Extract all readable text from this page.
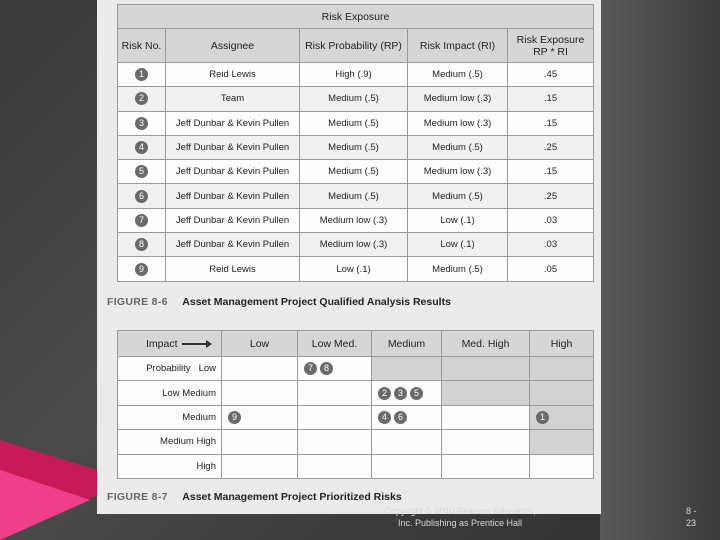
Risk Exposure				
Risk No.	Assignee	Risk Probability (RP)	Risk Impact (RI)	Risk Exposure RP * RI
1	Reid Lewis	High (.9)	Medium (.5)	.45
2	Team	Medium (.5)	Medium low (.3)	.15
3	Jeff Dunbar & Kevin Pullen	Medium (.5)	Medium low (.3)	.15
4	Jeff Dunbar & Kevin Pullen	Medium (.5)	Medium (.5)	.25
5	Jeff Dunbar & Kevin Pullen	Medium (.5)	Medium low (.3)	.15
6	Jeff Dunbar & Kevin Pullen	Medium (.5)	Medium (.5)	.25
7	Jeff Dunbar & Kevin Pullen	Medium low (.3)	Low (.1)	.03
8	Jeff Dunbar & Kevin Pullen	Medium low (.3)	Low (.1)	.03
9	Reid Lewis	Low (.1)	Medium (.5)	.05
FIGURE 8-6 Asset Management Project Qualified Analysis Results
Impact	Low	Low Med.	Medium	Med. High	High
Probability Low		7 8			
Low Medium			2 3 5		
Medium	9		4 6		1
Medium High					
High					
FIGURE 8-7 Asset Management Project Prioritized Risks
Copyright © 2010 Pearson Education,
Inc. Publishing as Prentice Hall
8 -
23
